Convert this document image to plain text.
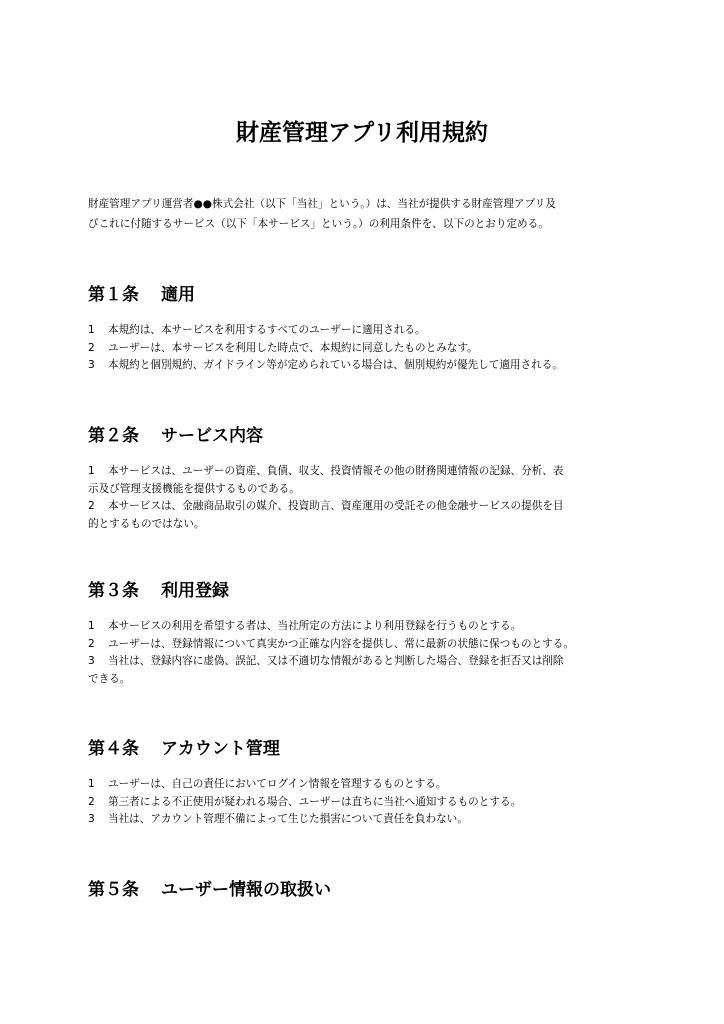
財産管理アプリ利用規約
財産管理アプリ運営者●●株式会社（以下「当社」という。）は、当社が提供する財産管理アプリ及
びこれに付随するサービス（以下「本サービス」という。）の利用条件を、以下のとおり定める。
第１条 適用
1 本規約は、本サービスを利用するすべてのユーザーに適用される。
2 ユーザーは、本サービスを利用した時点で、本規約に同意したものとみなす。
3 本規約と個別規約、ガイドライン等が定められている場合は、個別規約が優先して適用される。
第２条 サービス内容
1 本サービスは、ユーザーの資産、負債、収支、投資情報その他の財務関連情報の記録、分析、表
示及び管理支援機能を提供するものである。
2 本サービスは、金融商品取引の媒介、投資助言、資産運用の受託その他金融サービスの提供を目
的とするものではない。
第３条 利用登録
1 本サービスの利用を希望する者は、当社所定の方法により利用登録を行うものとする。
2 ユーザーは、登録情報について真実かつ正確な内容を提供し、常に最新の状態に保つものとする。
3 当社は、登録内容に虚偽、誤記、又は不適切な情報があると判断した場合、登録を拒否又は削除
できる。
第４条 アカウント管理
1 ユーザーは、自己の責任においてログイン情報を管理するものとする。
2 第三者による不正使用が疑われる場合、ユーザーは直ちに当社へ通知するものとする。
3 当社は、アカウント管理不備によって生じた損害について責任を負わない。
第５条 ユーザー情報の取扱い
